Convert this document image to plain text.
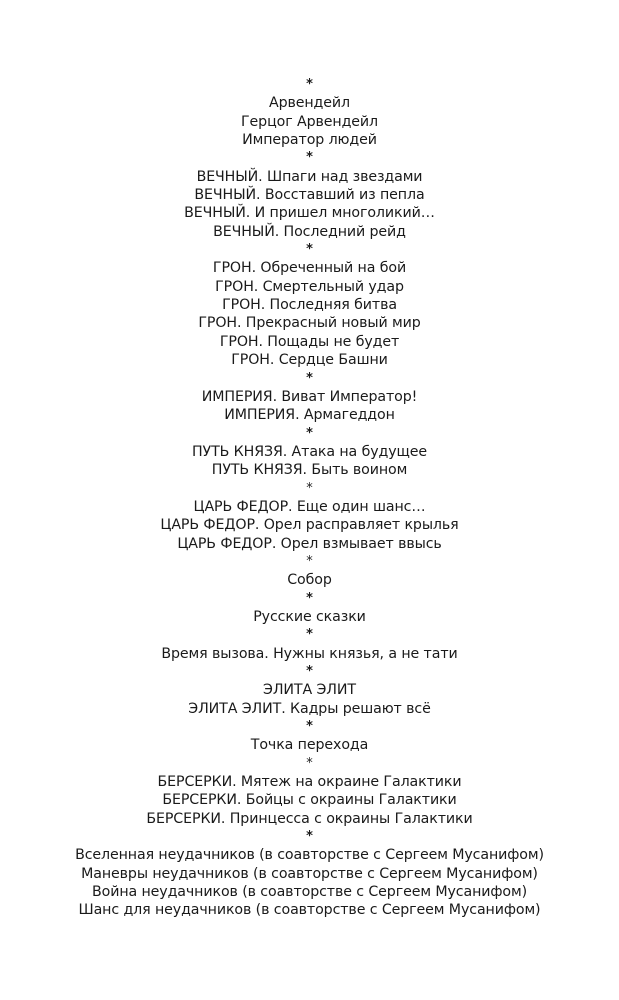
*
Арвендейл
Герцог Арвендейл
Император людей
*
ВЕЧНЫЙ. Шпаги над звездами
ВЕЧНЫЙ. Восставший из пепла
ВЕЧНЫЙ. И пришел многоликий…
ВЕЧНЫЙ. Последний рейд
*
ГРОН. Обреченный на бой
ГРОН. Смертельный удар
ГРОН. Последняя битва
ГРОН. Прекрасный новый мир
ГРОН. Пощады не будет
ГРОН. Сердце Башни
*
ИМПЕРИЯ. Виват Император!
ИМПЕРИЯ. Армагеддон
*
ПУТЬ КНЯЗЯ. Атака на будущее
ПУТЬ КНЯЗЯ. Быть воином
*
ЦАРЬ ФЕДОР. Еще один шанс…
ЦАРЬ ФЕДОР. Орел расправляет крылья
ЦАРЬ ФЕДОР. Орел взмывает ввысь
*
Собор
*
Русские сказки
*
Время вызова. Нужны князья, а не тати
*
ЭЛИТА ЭЛИТ
ЭЛИТА ЭЛИТ. Кадры решают всё
*
Точка перехода
*
БЕРСЕРКИ. Мятеж на окраине Галактики
БЕРСЕРКИ. Бойцы с окраины Галактики
БЕРСЕРКИ. Принцесса с окраины Галактики
*
Вселенная неудачников (в соавторстве с Сергеем Мусанифом)
Маневры неудачников (в соавторстве с Сергеем Мусанифом)
Война неудачников (в соавторстве с Сергеем Мусанифом)
Шанс для неудачников (в соавторстве с Сергеем Мусанифом)
